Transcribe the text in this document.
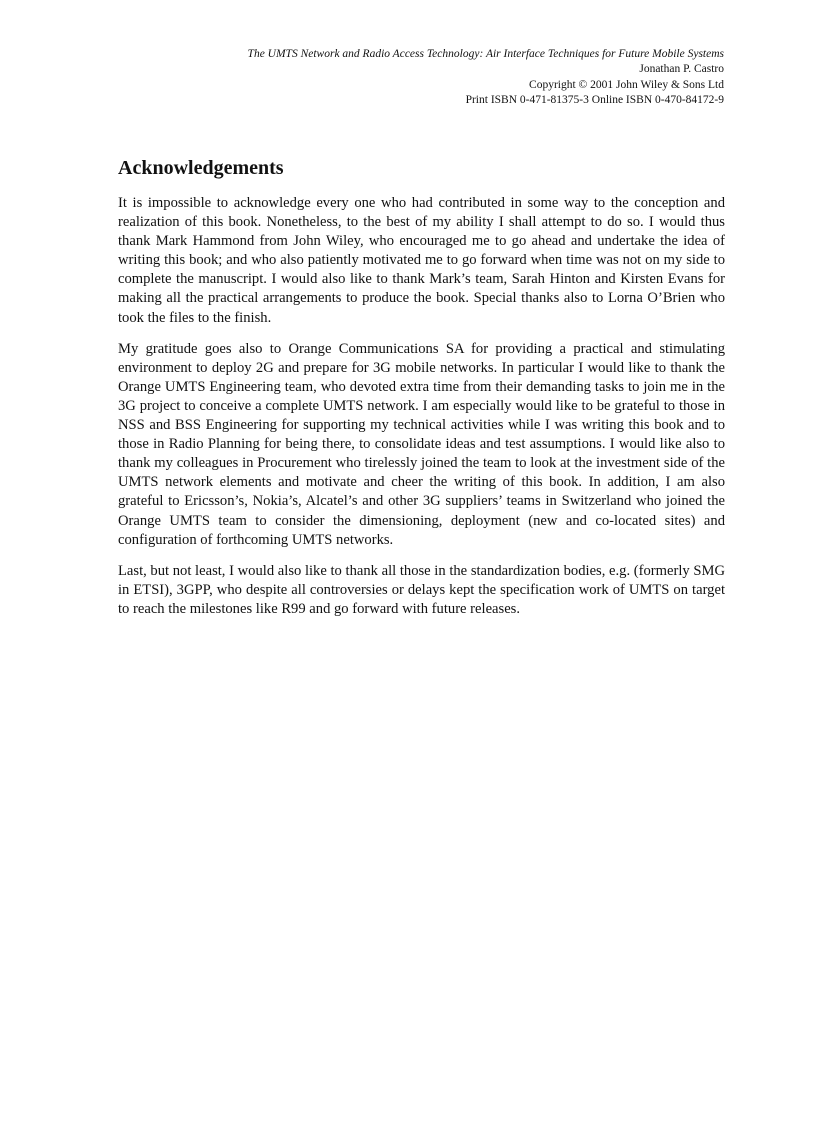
The UMTS Network and Radio Access Technology: Air Interface Techniques for Future Mobile Systems
Jonathan P. Castro
Copyright © 2001 John Wiley & Sons Ltd
Print ISBN 0-471-81375-3 Online ISBN 0-470-84172-9
Acknowledgements

It is impossible to acknowledge every one who had contributed in some way to the conception and realization of this book. Nonetheless, to the best of my ability I shall attempt to do so. I would thus thank Mark Hammond from John Wiley, who encouraged me to go ahead and undertake the idea of writing this book; and who also patiently motivated me to go forward when time was not on my side to complete the manuscript. I would also like to thank Mark’s team, Sarah Hinton and Kirsten Evans for making all the practical arrangements to produce the book. Special thanks also to Lorna O’Brien who took the files to the finish.

My gratitude goes also to Orange Communications SA for providing a practical and stimulating environment to deploy 2G and prepare for 3G mobile networks. In particular I would like to thank the Orange UMTS Engineering team, who devoted extra time from their demanding tasks to join me in the 3G project to conceive a complete UMTS network. I am especially would like to be grateful to those in NSS and BSS Engineering for supporting my technical activities while I was writing this book and to those in Radio Planning for being there, to consolidate ideas and test assumptions. I would like also to thank my colleagues in Procurement who tirelessly joined the team to look at the investment side of the UMTS network elements and motivate and cheer the writing of this book. In addition, I am also grateful to Ericsson’s, Nokia’s, Alcatel’s and other 3G suppliers’ teams in Switzerland who joined the Orange UMTS team to consider the dimensioning, deployment (new and co-located sites) and configuration of forthcoming UMTS networks.

Last, but not least, I would also like to thank all those in the standardization bodies, e.g. (formerly SMG in ETSI), 3GPP, who despite all controversies or delays kept the specification work of UMTS on target to reach the milestones like R99 and go forward with future releases.
